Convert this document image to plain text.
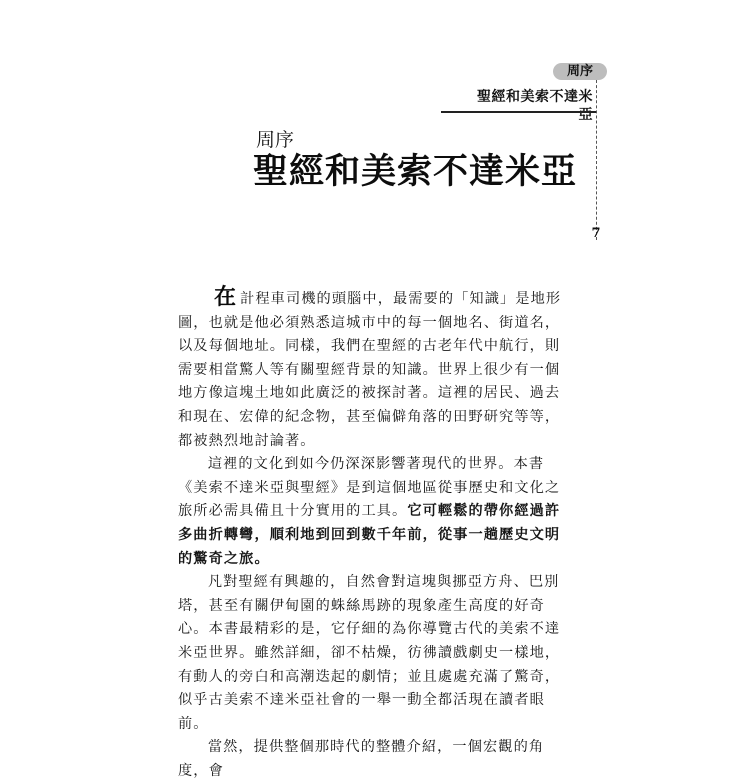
周序
聖經和美索不達米亞
7
周序
聖經和美索不達米亞

在計程車司機的頭腦中，最需要的「知識」是地形圖，也就是他必須熟悉這城市中的每一個地名、街道名，以及每個地址。同樣，我們在聖經的古老年代中航行，則需要相當驚人等有關聖經背景的知識。世界上很少有一個地方像這塊土地如此廣泛的被探討著。這裡的居民、過去和現在、宏偉的紀念物，甚至偏僻角落的田野研究等等，都被熱烈地討論著。

這裡的文化到如今仍深深影響著現代的世界。本書《美索不達米亞與聖經》是到這個地區從事歷史和文化之旅所必需具備且十分實用的工具。它可輕鬆的帶你經過許多曲折轉彎，順利地到回到數千年前，從事一趟歷史文明的驚奇之旅。

凡對聖經有興趣的，自然會對這塊與挪亞方舟、巴別塔，甚至有關伊甸園的蛛絲馬跡的現象產生高度的好奇心。本書最精彩的是，它仔細的為你導覽古代的美索不達米亞世界。雖然詳細，卻不枯燥，彷彿讀戲劇史一樣地，有動人的旁白和高潮迭起的劇情；並且處處充滿了驚奇，似乎古美索不達米亞社會的一舉一動全都活現在讀者眼前。

當然，提供整個那時代的整體介紹，一個宏觀的角度，會
